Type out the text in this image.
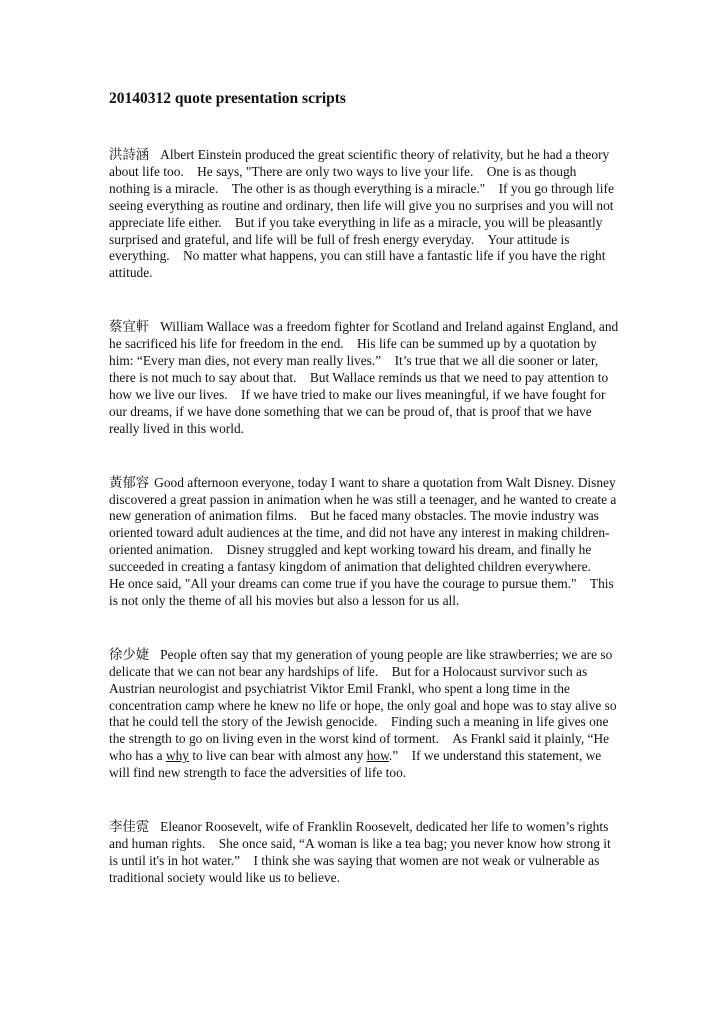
20140312 quote presentation scripts

洪詩涵 Albert Einstein produced the great scientific theory of relativity, but he had a theory about life too.　He says, "There are only two ways to live your life.　One is as though nothing is a miracle.　The other is as though everything is a miracle."　If you go through life seeing everything as routine and ordinary, then life will give you no surprises and you will not appreciate life either.　But if you take everything in life as a miracle, you will be pleasantly surprised and grateful, and life will be full of fresh energy everyday.　Your attitude is everything.　No matter what happens, you can still have a fantastic life if you have the right attitude.

蔡宜軒 William Wallace was a freedom fighter for Scotland and Ireland against England, and he sacrificed his life for freedom in the end.　His life can be summed up by a quotation by him: “Every man dies, not every man really lives.”　It’s true that we all die sooner or later, there is not much to say about that.　But Wallace reminds us that we need to pay attention to how we live our lives.　If we have tried to make our lives meaningful, if we have fought for our dreams, if we have done something that we can be proud of, that is proof that we have really lived in this world.

黃郁容 Good afternoon everyone, today I want to share a quotation from Walt Disney. Disney discovered a great passion in animation when he was still a teenager, and he wanted to create a new generation of animation films.　But he faced many obstacles. The movie industry was oriented toward adult audiences at the time, and did not have any interest in making children-oriented animation.　Disney struggled and kept working toward his dream, and finally he succeeded in creating a fantasy kingdom of animation that delighted children everywhere.　He once said, "All your dreams can come true if you have the courage to pursue them."　This is not only the theme of all his movies but also a lesson for us all.

徐少婕 People often say that my generation of young people are like strawberries; we are so delicate that we can not bear any hardships of life.　But for a Holocaust survivor such as Austrian neurologist and psychiatrist Viktor Emil Frankl, who spent a long time in the concentration camp where he knew no life or hope, the only goal and hope was to stay alive so that he could tell the story of the Jewish genocide.　Finding such a meaning in life gives one the strength to go on living even in the worst kind of torment.　As Frankl said it plainly, “He who has a why to live can bear with almost any how.”　If we understand this statement, we will find new strength to face the adversities of life too.

李佳霓 Eleanor Roosevelt, wife of Franklin Roosevelt, dedicated her life to women’s rights and human rights.　She once said, “A woman is like a tea bag; you never know how strong it is until it's in hot water.”　I think she was saying that women are not weak or vulnerable as traditional society would like us to believe.
